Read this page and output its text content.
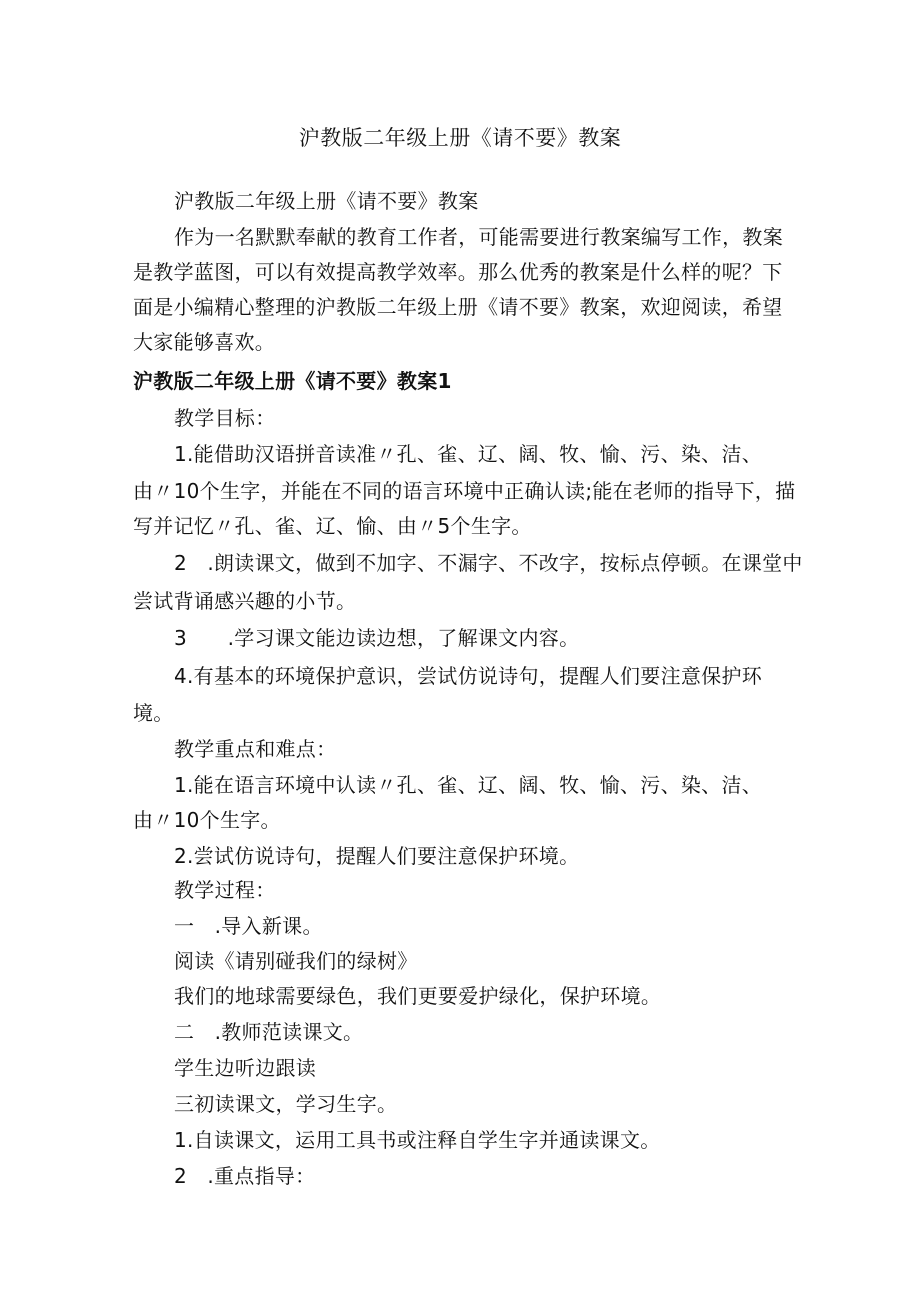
沪教版二年级上册《请不要》教案
沪教版二年级上册《请不要》教案
作为一名默默奉献的教育工作者，可能需要进行教案编写工作，教案
是教学蓝图，可以有效提高教学效率。那么优秀的教案是什么样的呢？下
面是小编精心整理的沪教版二年级上册《请不要》教案，欢迎阅读，希望
大家能够喜欢。
沪教版二年级上册《请不要》教案1
教学目标：
1.能借助汉语拼音读准〃孔、雀、辽、阔、牧、愉、污、染、洁、
由〃10个生字，并能在不同的语言环境中正确认读;能在老师的指导下，描
写并记忆〃孔、雀、辽、愉、由〃5个生字。
2　.朗读课文，做到不加字、不漏字、不改字，按标点停顿。在课堂中
尝试背诵感兴趣的小节。
3　　.学习课文能边读边想，了解课文内容。
4.有基本的环境保护意识，尝试仿说诗句，提醒人们要注意保护环
境。
教学重点和难点：
1.能在语言环境中认读〃孔、雀、辽、阔、牧、愉、污、染、洁、
由〃10个生字。
2.尝试仿说诗句，提醒人们要注意保护环境。
教学过程：
一　.导入新课。
阅读《请别碰我们的绿树》
我们的地球需要绿色，我们更要爱护绿化，保护环境。
二　.教师范读课文。
学生边听边跟读
三初读课文，学习生字。
1.自读课文，运用工具书或注释自学生字并通读课文。
2　.重点指导：
